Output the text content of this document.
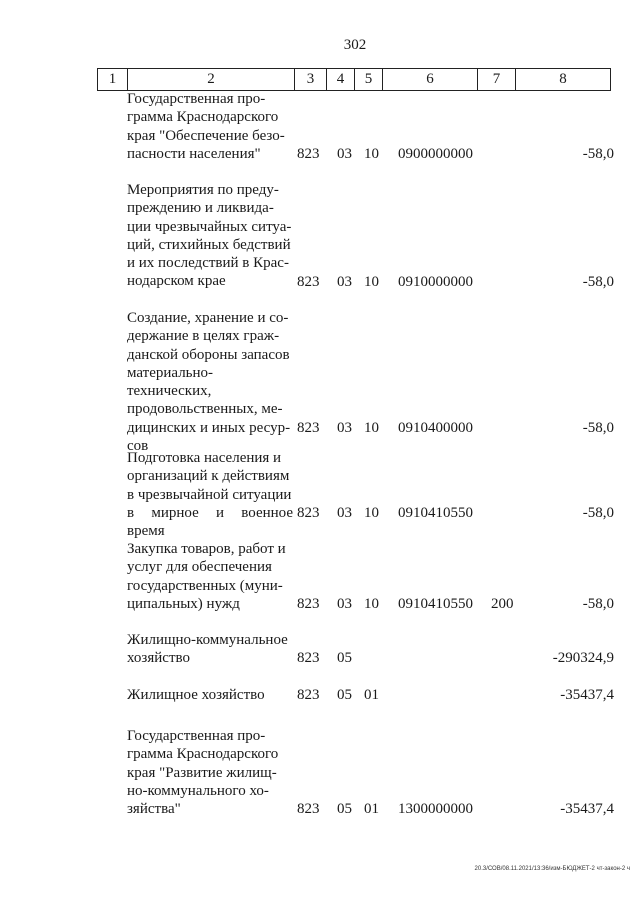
302
1	2	3	4	5	6	7	8
Государственная про-
грамма Краснодарского
края "Обеспечение безо-
пасности населения"	823 03 10 0900000000	-58,0
Мероприятия по преду-
преждению и ликвида-
ции чрезвычайных ситуа-
ций, стихийных бедствий
и их последствий в Крас-
нодарском крае	823 03 10 0910000000	-58,0
Создание, хранение и со-
держание в целях граж-
данской обороны запасов
материально-технических,
продовольственных, ме-
дицинских и иных ресур-
сов
823 03 10 0910400000	-58,0
Подготовка населения и
организаций к действиям
в чрезвычайной ситуации
в мирное и военное время
823 03 10 0910410550	-58,0
Закупка товаров, работ и
услуг для обеспечения
государственных (муни-
ципальных) нужд	823 03 10 0910410550 200	-58,0
Жилищно-коммунальное
хозяйство	823 05	-290324,9
Жилищное хозяйство	823 05 01	-35437,4
Государственная про-
грамма Краснодарского
края "Развитие жилищ-
но-коммунального хо-
зяйства"	823 05 01 1300000000	-35437,4
20.3/СОВ/08.11.2021/13:36/изм-БЮДЖЕТ-2 чт-закон-2 ч
